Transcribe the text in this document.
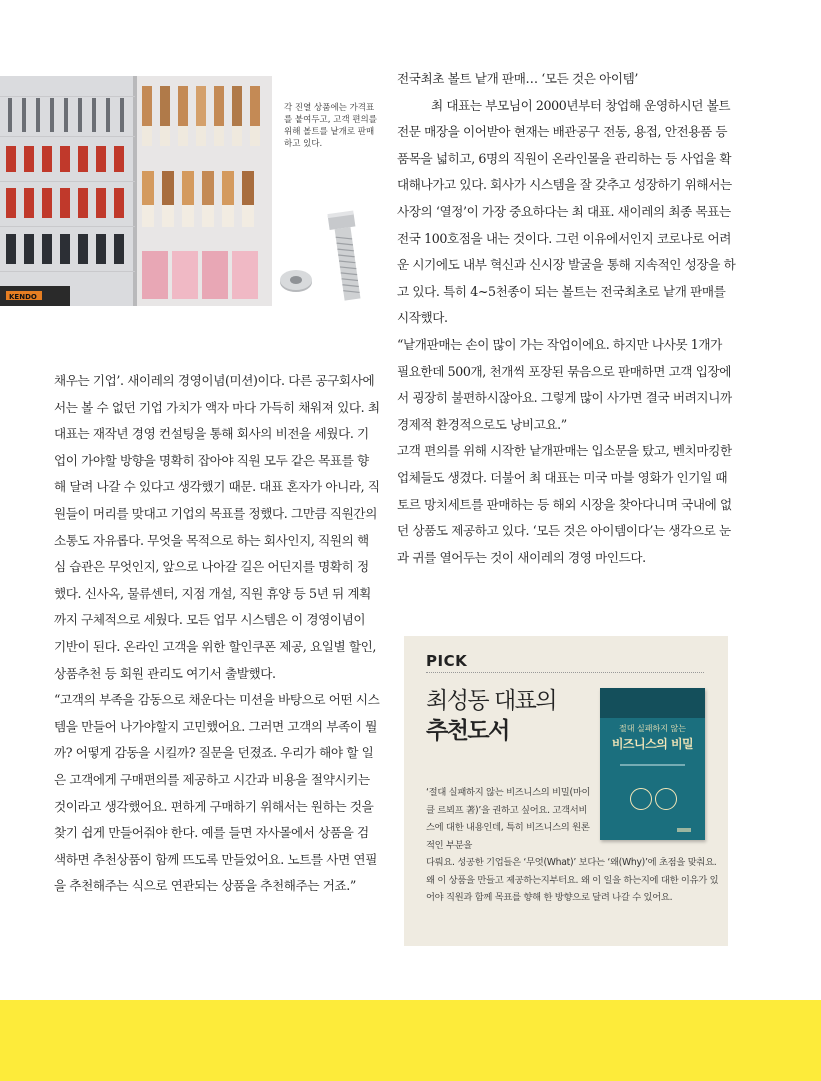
KENDO
각 진열 상품에는 가격표를 붙여두고, 고객 편의를 위해 볼트를 낱개로 판매하고 있다.

전국최초 볼트 낱개 판매… ‘모든 것은 아이템’

최 대표는 부모님이 2000년부터 창업해 운영하시던 볼트 전문 매장을 이어받아 현재는 배관공구 전동, 용접, 안전용품 등 품목을 넓히고, 6명의 직원이 온라인몰을 관리하는 등 사업을 확대해나가고 있다. 회사가 시스템을 잘 갖추고 성장하기 위해서는 사장의 ‘열정’이 가장 중요하다는 최 대표. 새이레의 최종 목표는 전국 100호점을 내는 것이다. 그런 이유에서인지 코로나로 어려운 시기에도 내부 혁신과 신시장 발굴을 통해 지속적인 성장을 하고 있다. 특히 4~5천종이 되는 볼트는 전국최초로 낱개 판매를 시작했다.

“낱개판매는 손이 많이 가는 작업이에요. 하지만 나사못 1개가 필요한데 500개, 천개씩 포장된 묶음으로 판매하면 고객 입장에서 굉장히 불편하시잖아요. 그렇게 많이 사가면 결국 버려지니까 경제적 환경적으로도 낭비고요.”

고객 편의를 위해 시작한 낱개판매는 입소문을 탔고, 벤치마킹한 업체들도 생겼다. 더불어 최 대표는 미국 마블 영화가 인기일 때 토르 망치세트를 판매하는 등 해외 시장을 찾아다니며 국내에 없던 상품도 제공하고 있다. ‘모든 것은 아이템이다’는 생각으로 눈과 귀를 열어두는 것이 새이레의 경영 마인드다.

채우는 기업’. 새이레의 경영이념(미션)이다. 다른 공구회사에서는 볼 수 없던 기업 가치가 액자 마다 가득히 채워져 있다. 최 대표는 재작년 경영 컨설팅을 통해 회사의 비전을 세웠다. 기업이 가야할 방향을 명확히 잡아야 직원 모두 같은 목표를 향해 달려 나갈 수 있다고 생각했기 때문. 대표 혼자가 아니라, 직원들이 머리를 맞대고 기업의 목표를 정했다. 그만큼 직원간의 소통도 자유롭다. 무엇을 목적으로 하는 회사인지, 직원의 핵심 습관은 무엇인지, 앞으로 나아갈 길은 어딘지를 명확히 정했다. 신사옥, 물류센터, 지점 개설, 직원 휴양 등 5년 뒤 계획까지 구체적으로 세웠다. 모든 업무 시스템은 이 경영이념이 기반이 된다. 온라인 고객을 위한 할인쿠폰 제공, 요일별 할인, 상품추천 등 회원 관리도 여기서 출발했다.

“고객의 부족을 감동으로 채운다는 미션을 바탕으로 어떤 시스템을 만들어 나가야할지 고민했어요. 그러면 고객의 부족이 뭘까? 어떻게 감동을 시킬까? 질문을 던졌죠. 우리가 해야 할 일은 고객에게 구매편의를 제공하고 시간과 비용을 절약시키는 것이라고 생각했어요. 편하게 구매하기 위해서는 원하는 것을 찾기 쉽게 만들어줘야 한다. 예를 들면 자사몰에서 상품을 검색하면 추천상품이 함께 뜨도록 만들었어요. 노트를 사면 연필을 추천해주는 식으로 연관되는 상품을 추천해주는 거죠.”

PICK
최성동 대표의
추천도서	절대 실패하지 않는
비즈니스의 비밀

‘절대 실패하지 않는 비즈니스의 비밀(마이클 르뵈프 著)’을 권하고 싶어요. 고객서비스에 대한 내용인데, 특히 비즈니스의 원론적인 부분을

다뤄요. 성공한 기업들은 ‘무엇(What)’ 보다는 ‘왜(Why)’에 초점을 맞춰요. 왜 이 상품을 만들고 제공하는지부터요. 왜 이 일을 하는지에 대한 이유가 있어야 직원과 함께 목표를 향해 한 방향으로 달려 나갈 수 있어요.
